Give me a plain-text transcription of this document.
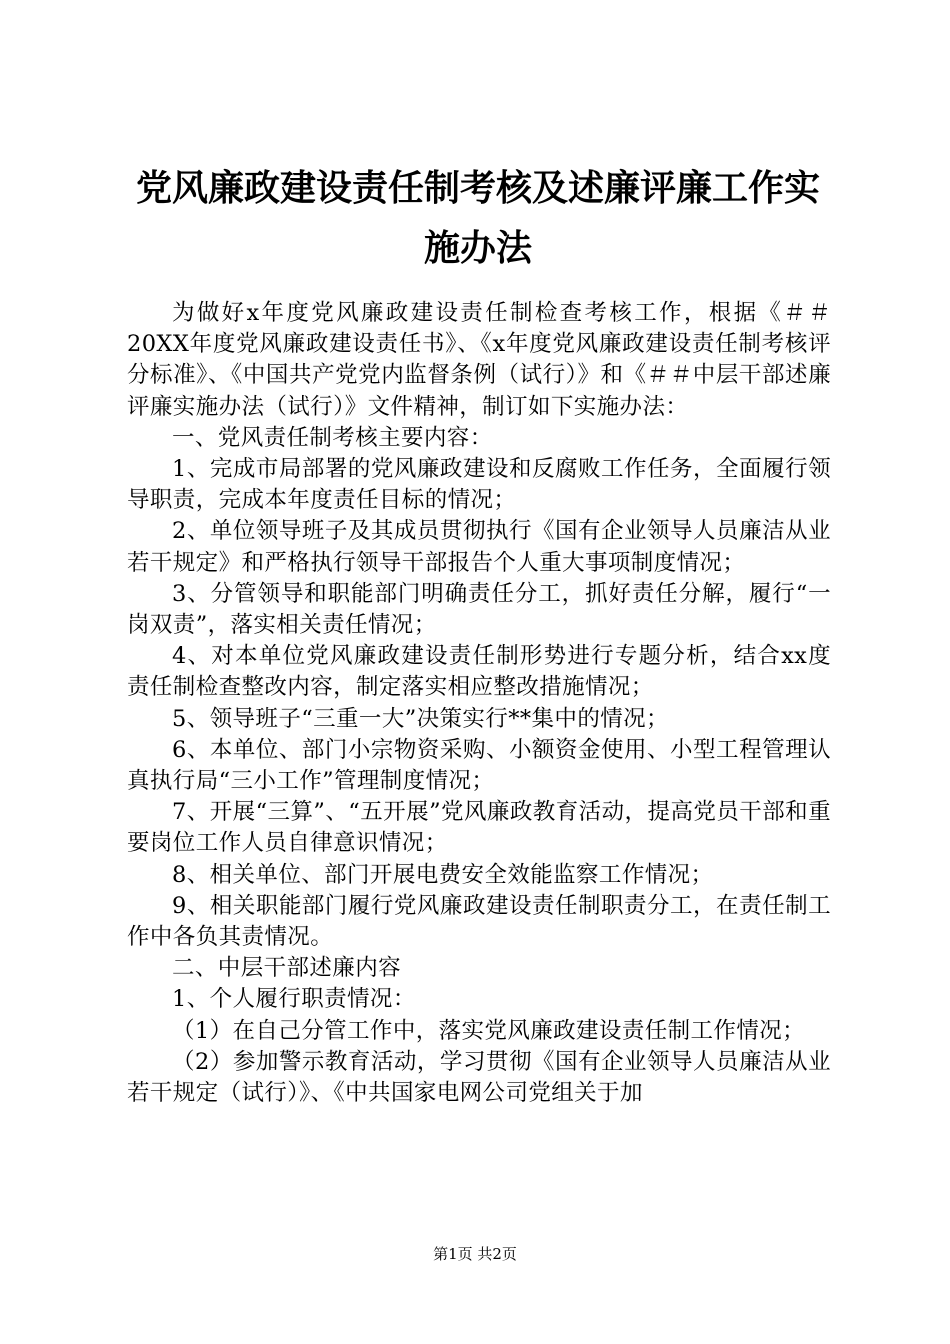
党风廉政建设责任制考核及述廉评廉工作实施办法

为做好x年度党风廉政建设责任制检查考核工作，根据《＃＃20XX年度党风廉政建设责任书》、《x年度党风廉政建设责任制考核评分标准》、《中国共产党党内监督条例（试行）》和《＃＃中层干部述廉评廉实施办法（试行）》文件精神，制订如下实施办法：

一、党风责任制考核主要内容：

1、完成市局部署的党风廉政建设和反腐败工作任务，全面履行领导职责，完成本年度责任目标的情况；

2、单位领导班子及其成员贯彻执行《国有企业领导人员廉洁从业若干规定》和严格执行领导干部报告个人重大事项制度情况；

3、分管领导和职能部门明确责任分工，抓好责任分解，履行“一岗双责”，落实相关责任情况；

4、对本单位党风廉政建设责任制形势进行专题分析，结合xx度责任制检查整改内容，制定落实相应整改措施情况；

5、领导班子“三重一大”决策实行**集中的情况；

6、本单位、部门小宗物资采购、小额资金使用、小型工程管理认真执行局“三小工作”管理制度情况；

7、开展“三算”、“五开展”党风廉政教育活动，提高党员干部和重要岗位工作人员自律意识情况；

8、相关单位、部门开展电费安全效能监察工作情况；

9、相关职能部门履行党风廉政建设责任制职责分工，在责任制工作中各负其责情况。

二、中层干部述廉内容

1、个人履行职责情况：

（1）在自己分管工作中，落实党风廉政建设责任制工作情况；

（2）参加警示教育活动，学习贯彻《国有企业领导人员廉洁从业若干规定（试行）》、《中共国家电网公司党组关于加

第1页 共2页
